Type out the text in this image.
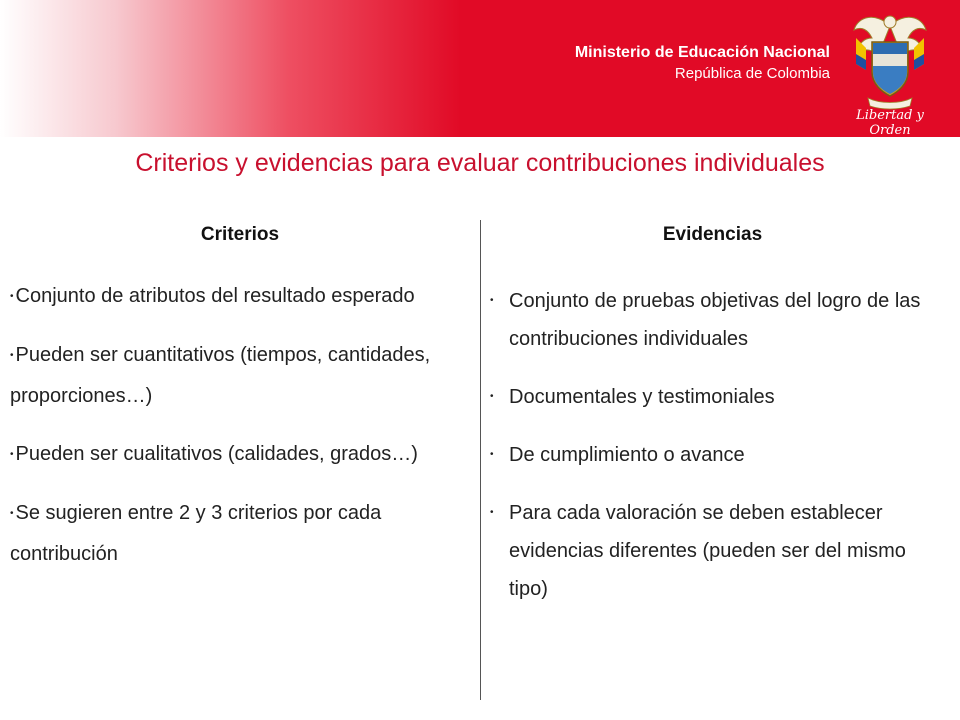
Ministerio de Educación Nacional
República de Colombia
Libertad y Orden
Criterios y evidencias para evaluar contribuciones individuales
Criterios
• Conjunto de atributos del resultado esperado
• Pueden ser cuantitativos (tiempos, cantidades, proporciones…)
• Pueden ser cualitativos (calidades, grados…)
• Se sugieren entre 2 y 3 criterios por cada contribución
Evidencias
• Conjunto de pruebas objetivas del logro de las contribuciones individuales
• Documentales y testimoniales
• De cumplimiento o avance
• Para cada valoración se deben establecer evidencias diferentes (pueden ser del mismo tipo)
